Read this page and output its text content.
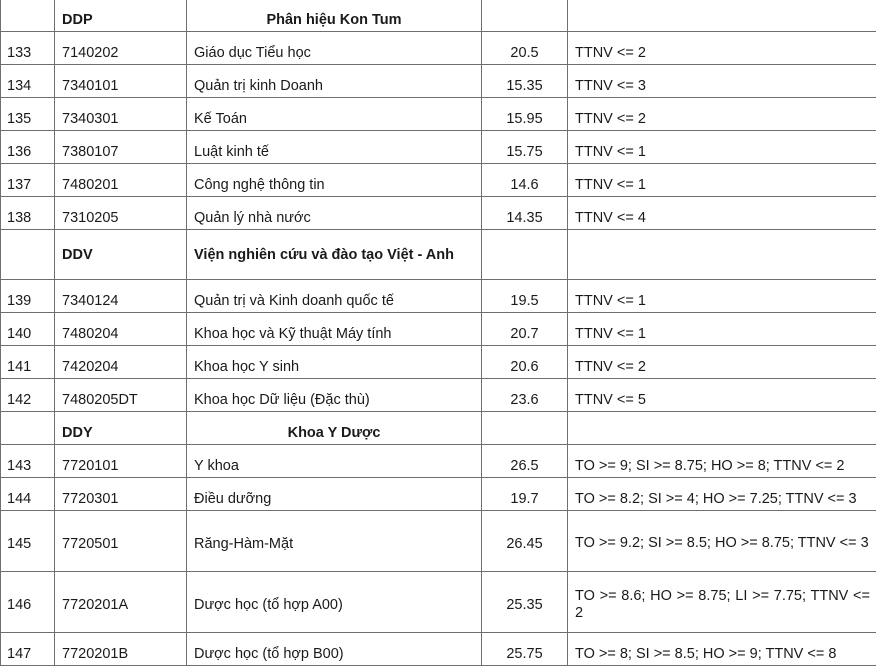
	DDP	Phân hiệu Kon Tum		
133	7140202	Giáo dục Tiểu học	20.5	TTNV <= 2
134	7340101	Quản trị kinh Doanh	15.35	TTNV <= 3
135	7340301	Kế Toán	15.95	TTNV <= 2
136	7380107	Luật kinh tế	15.75	TTNV <= 1
137	7480201	Công nghệ thông tin	14.6	TTNV <= 1
138	7310205	Quản lý nhà nước	14.35	TTNV <= 4
	DDV	Viện nghiên cứu và đào tạo Việt - Anh		
139	7340124	Quản trị và Kinh doanh quốc tế	19.5	TTNV <= 1
140	7480204	Khoa học và Kỹ thuật Máy tính	20.7	TTNV <= 1
141	7420204	Khoa học Y sinh	20.6	TTNV <= 2
142	7480205DT	Khoa học Dữ liệu (Đặc thù)	23.6	TTNV <= 5
	DDY	Khoa Y Dược		
143	7720101	Y khoa	26.5	TO >= 9; SI >= 8.75; HO >= 8; TTNV <= 2
144	7720301	Điều dưỡng	19.7	TO >= 8.2; SI >= 4; HO >= 7.25; TTNV <= 3
145	7720501	Răng-Hàm-Mặt	26.45	TO >= 9.2; SI >= 8.5; HO >= 8.75; TTNV <= 3
146	7720201A	Dược học (tổ hợp A00)	25.35	TO >= 8.6; HO >= 8.75; LI >= 7.75; TTNV <= 2
147	7720201B	Dược học (tổ hợp B00)	25.75	TO >= 8; SI >= 8.5; HO >= 9; TTNV <= 8
